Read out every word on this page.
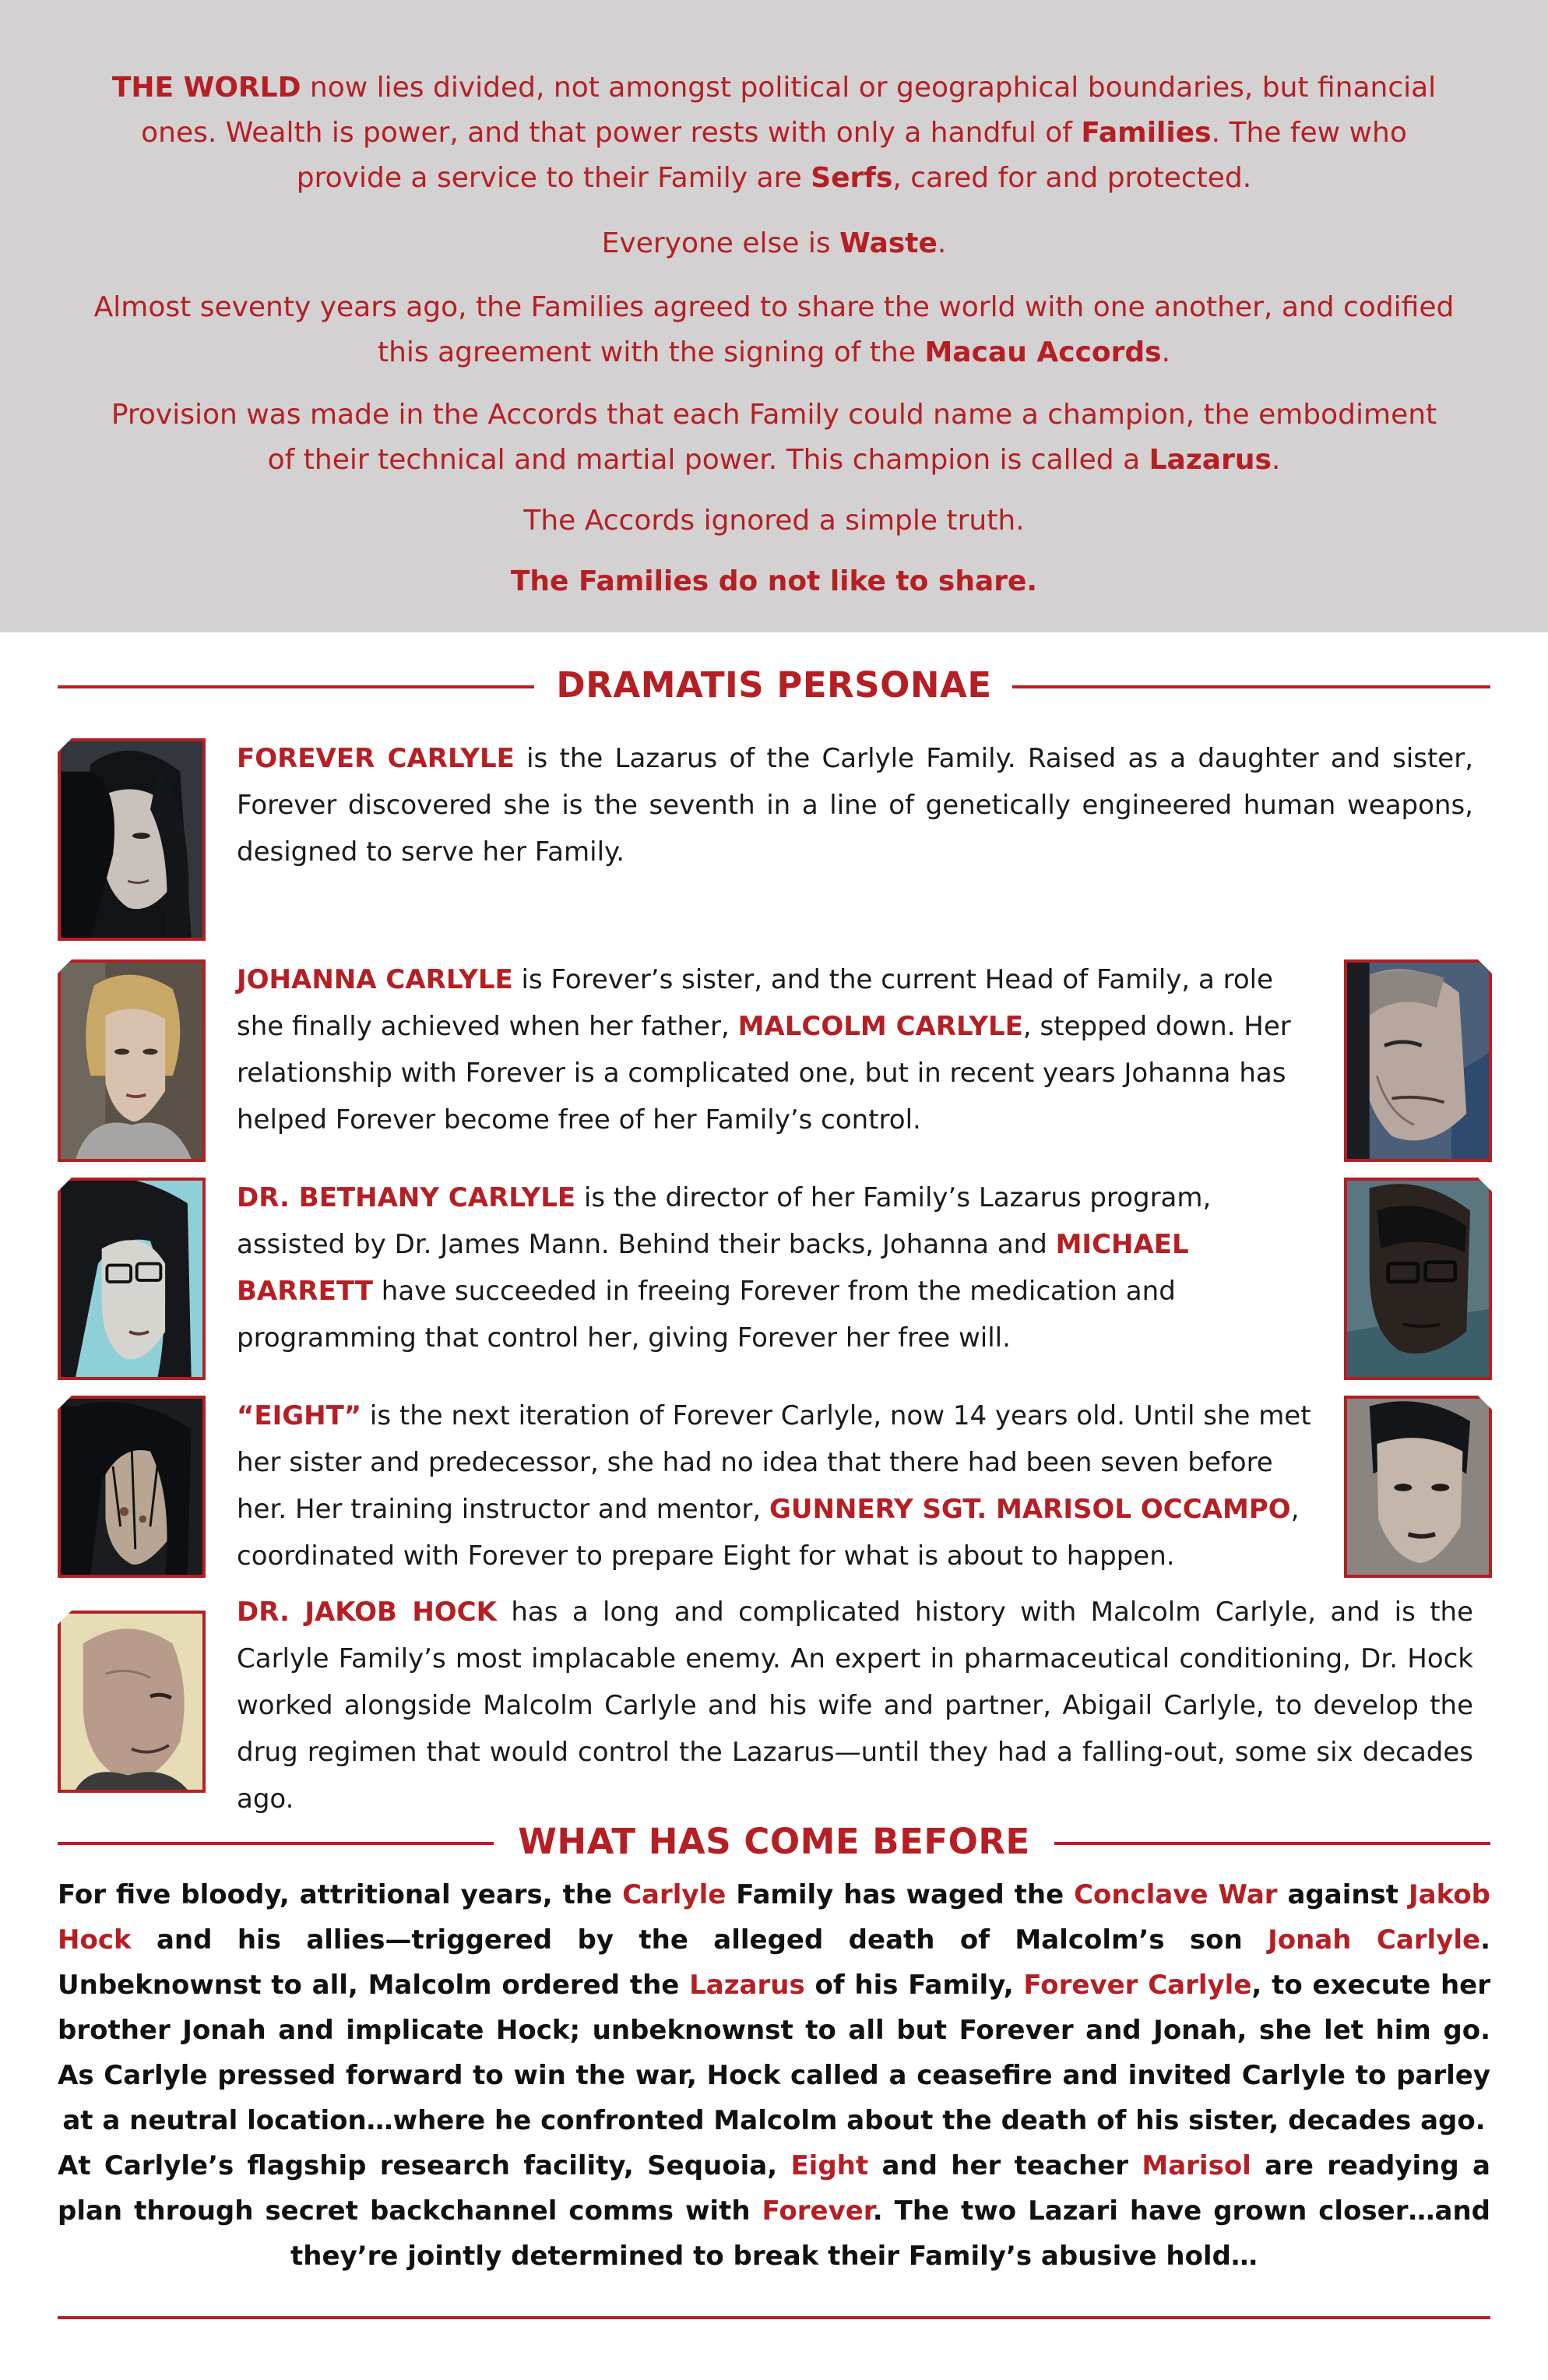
THE WORLD now lies divided, not amongst political or geographical boundaries, but financial ones. Wealth is power, and that power rests with only a handful of Families. The few who provide a service to their Family are Serfs, cared for and protected.
Everyone else is Waste.
Almost seventy years ago, the Families agreed to share the world with one another, and codified this agreement with the signing of the Macau Accords.
Provision was made in the Accords that each Family could name a champion, the embodiment of their technical and martial power. This champion is called a Lazarus.
The Accords ignored a simple truth.
The Families do not like to share.
DRAMATIS PERSONAE
FOREVER CARLYLE is the Lazarus of the Carlyle Family. Raised as a daughter and sister, Forever discovered she is the seventh in a line of genetically engineered human weapons, designed to serve her Family.
JOHANNA CARLYLE is Forever’s sister, and the current Head of Family, a role she finally achieved when her father, MALCOLM CARLYLE, stepped down. Her relationship with Forever is a complicated one, but in recent years Johanna has helped Forever become free of her Family’s control.
DR. BETHANY CARLYLE is the director of her Family’s Lazarus program, assisted by Dr. James Mann. Behind their backs, Johanna and MICHAEL BARRETT have succeeded in freeing Forever from the medication and programming that control her, giving Forever her free will.
“EIGHT” is the next iteration of Forever Carlyle, now 14 years old. Until she met her sister and predecessor, she had no idea that there had been seven before her. Her training instructor and mentor, GUNNERY SGT. MARISOL OCCAMPO, coordinated with Forever to prepare Eight for what is about to happen.
DR. JAKOB HOCK has a long and complicated history with Malcolm Carlyle, and is the Carlyle Family’s most implacable enemy. An expert in pharmaceutical conditioning, Dr. Hock worked alongside Malcolm Carlyle and his wife and partner, Abigail Carlyle, to develop the drug regimen that would control the Lazarus—until they had a falling-out, some six decades ago.
WHAT HAS COME BEFORE
For five bloody, attritional years, the Carlyle Family has waged the Conclave War against Jakob Hock and his allies—triggered by the alleged death of Malcolm’s son Jonah Carlyle. Unbeknownst to all, Malcolm ordered the Lazarus of his Family, Forever Carlyle, to execute her brother Jonah and implicate Hock; unbeknownst to all but Forever and Jonah, she let him go. As Carlyle pressed forward to win the war, Hock called a ceasefire and invited Carlyle to parley at a neutral location…where he confronted Malcolm about the death of his sister, decades ago.
At Carlyle’s flagship research facility, Sequoia, Eight and her teacher Marisol are readying a plan through secret backchannel comms with Forever. The two Lazari have grown closer…and they’re jointly determined to break their Family’s abusive hold…
